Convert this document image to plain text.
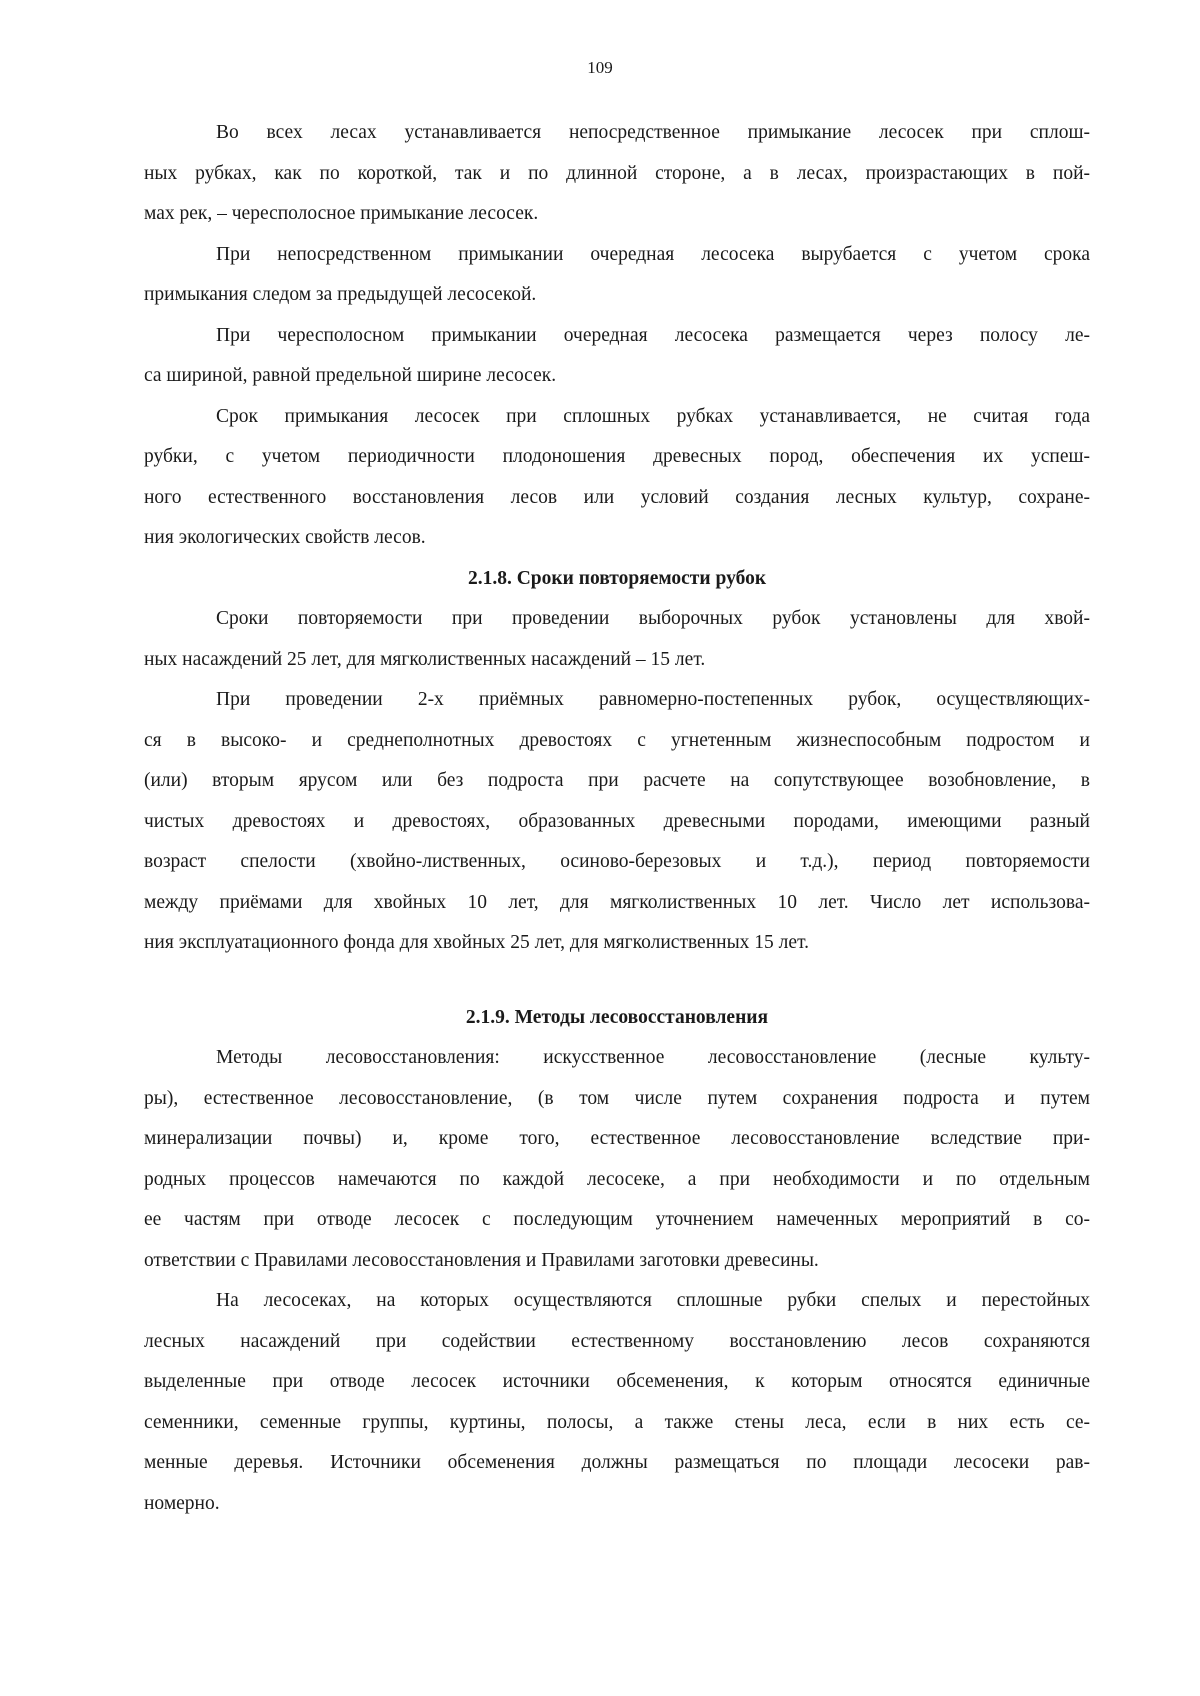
109
Во всех лесах устанавливается непосредственное примыкание лесосек при сплош-
ных рубках, как по короткой, так и по длинной стороне, а в лесах, произрастающих в пой-
мах рек, – чересполосное примыкание лесосек.
При непосредственном примыкании очередная лесосека вырубается с учетом срока
примыкания следом за предыдущей лесосекой.
При чересполосном примыкании очередная лесосека размещается через полосу ле-
са шириной, равной предельной ширине лесосек.
Срок примыкания лесосек при сплошных рубках устанавливается, не считая года
рубки, с учетом периодичности плодоношения древесных пород, обеспечения их успеш-
ного естественного восстановления лесов или условий создания лесных культур, сохране-
ния экологических свойств лесов.
2.1.8. Сроки повторяемости рубок
Сроки повторяемости при проведении выборочных рубок установлены для хвой-
ных насаждений 25 лет, для мягколиственных насаждений – 15 лет.
При проведении 2-х приёмных равномерно-постепенных рубок, осуществляющих-
ся в высоко- и среднеполнотных древостоях с угнетенным жизнеспособным подростом и
(или) вторым ярусом или без подроста при расчете на сопутствующее возобновление, в
чистых древостоях и древостоях, образованных древесными породами, имеющими разный
возраст спелости (хвойно-лиственных, осиново-березовых и т.д.), период повторяемости
между приёмами для хвойных 10 лет, для мягколиственных 10 лет. Число лет использова-
ния эксплуатационного фонда для хвойных 25 лет, для мягколиственных 15 лет.
2.1.9. Методы лесовосстановления
Методы лесовосстановления: искусственное лесовосстановление (лесные культу-
ры), естественное лесовосстановление, (в том числе путем сохранения подроста и путем
минерализации почвы) и, кроме того, естественное лесовосстановление вследствие при-
родных процессов намечаются по каждой лесосеке, а при необходимости и по отдельным
ее частям при отводе лесосек с последующим уточнением намеченных мероприятий в со-
ответствии с Правилами лесовосстановления и Правилами заготовки древесины.
На лесосеках, на которых осуществляются сплошные рубки спелых и перестойных
лесных насаждений при содействии естественному восстановлению лесов сохраняются
выделенные при отводе лесосек источники обсеменения, к которым относятся единичные
семенники, семенные группы, куртины, полосы, а также стены леса, если в них есть се-
менные деревья. Источники обсеменения должны размещаться по площади лесосеки рав-
номерно.
